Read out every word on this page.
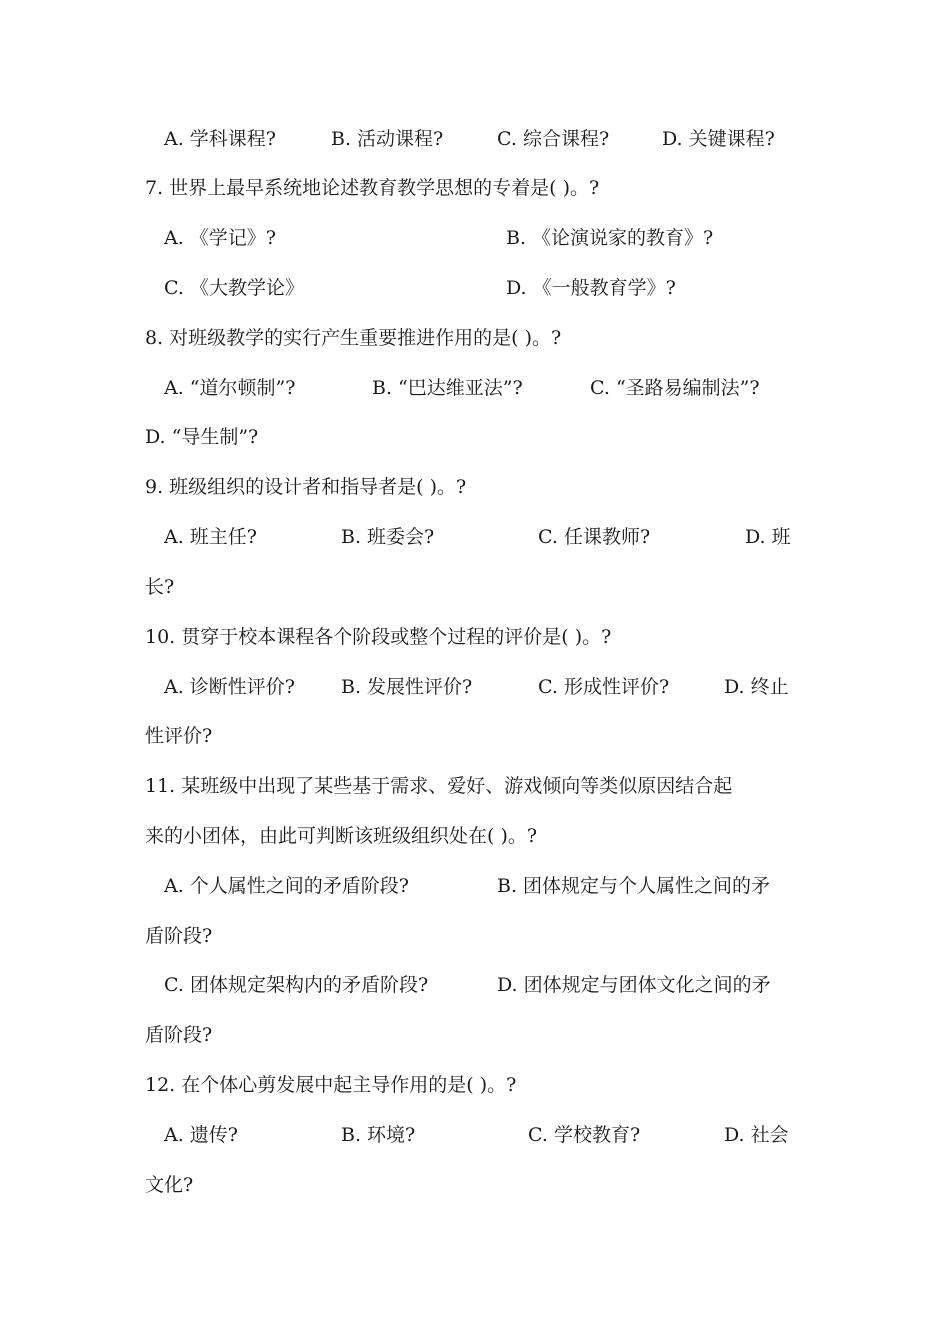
A. 学科课程?	B. 活动课程?	C. 综合课程?	D. 关键课程?
7. 世界上最早系统地论述教育教学思想的专着是( )。?
A. 《学记》?	B. 《论演说家的教育》?
C. 《大教学论》	D. 《一般教育学》?
8. 对班级教学的实行产生重要推进作用的是( )。?
A. “道尔顿制”?	B. “巴达维亚法”?	C. “圣路易编制法”?
D. “导生制”?
9. 班级组织的设计者和指导者是( )。?
A. 班主任?	B. 班委会?	C. 任课教师?	D. 班
长?
10. 贯穿于校本课程各个阶段或整个过程的评价是( )。?
A. 诊断性评价? B. 发展性评价?	C. 形成性评价?	D. 终止
性评价?
11. 某班级中出现了某些基于需求、爱好、游戏倾向等类似原因结合起
来的小团体，由此可判断该班级组织处在( )。?
A. 个人属性之间的矛盾阶段?	B. 团体规定与个人属性之间的矛
盾阶段?
C. 团体规定架构内的矛盾阶段?	D. 团体规定与团体文化之间的矛
盾阶段?
12. 在个体心剪发展中起主导作用的是( )。?
A. 遗传?	B. 环境?	C. 学校教育?	D. 社会
文化?
